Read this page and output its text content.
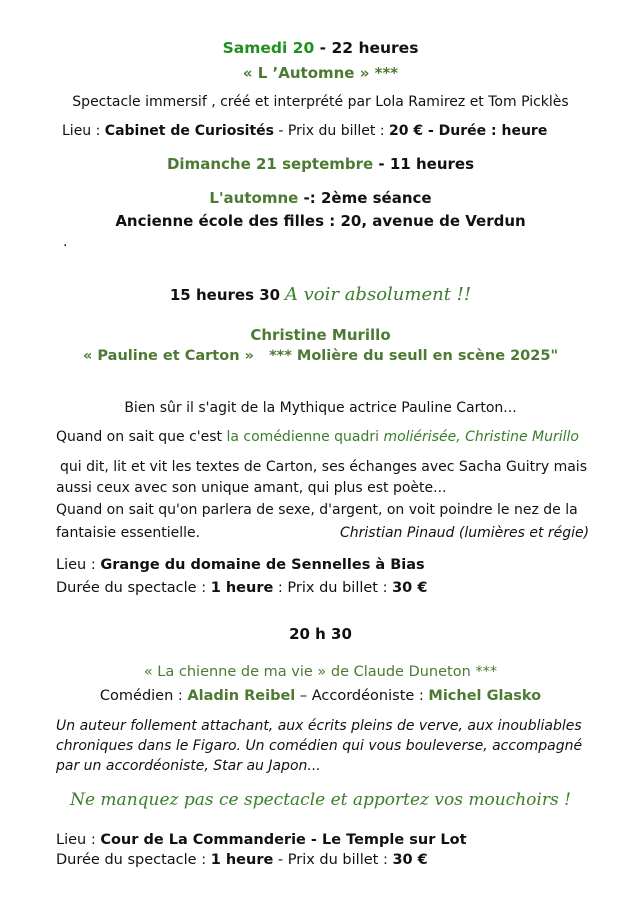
Samedi 20 - 22 heures
« L ’Automne » ***
Spectacle immersif , créé et interprété par Lola Ramirez et Tom Picklès
Lieu : Cabinet de Curiosités - Prix du billet : 20 € - Durée : heure
Dimanche 21 septembre - 11 heures
L'automne -: 2ème séance
Ancienne école des filles : 20, avenue de Verdun
.
15 heures 30 A voir absolument !!
Christine Murillo
« Pauline et Carton » *** Molière du seull en scène 2025"
Bien sûr il s'agit de la Mythique actrice Pauline Carton...
Quand on sait que c'est la comédienne quadri moliérisée, Christine Murillo
qui dit, lit et vit les textes de Carton, ses échanges avec Sacha Guitry mais
aussi ceux avec son unique amant, qui plus est poète...
Quand on sait qu'on parlera de sexe, d'argent, on voit poindre le nez de la
fantaisie essentielle.	Christian Pinaud (lumières et régie)
Lieu : Grange du domaine de Sennelles à Bias
Durée du spectacle : 1 heure : Prix du billet : 30 €
20 h 30
« La chienne de ma vie » de Claude Duneton ***
Comédien : Aladin Reibel – Accordéoniste : Michel Glasko
Un auteur follement attachant, aux écrits pleins de verve, aux inoubliables
chroniques dans le Figaro. Un comédien qui vous bouleverse, accompagné
par un accordéoniste, Star au Japon...
Ne manquez pas ce spectacle et apportez vos mouchoirs !
Lieu : Cour de La Commanderie - Le Temple sur Lot
Durée du spectacle : 1 heure - Prix du billet : 30 €
